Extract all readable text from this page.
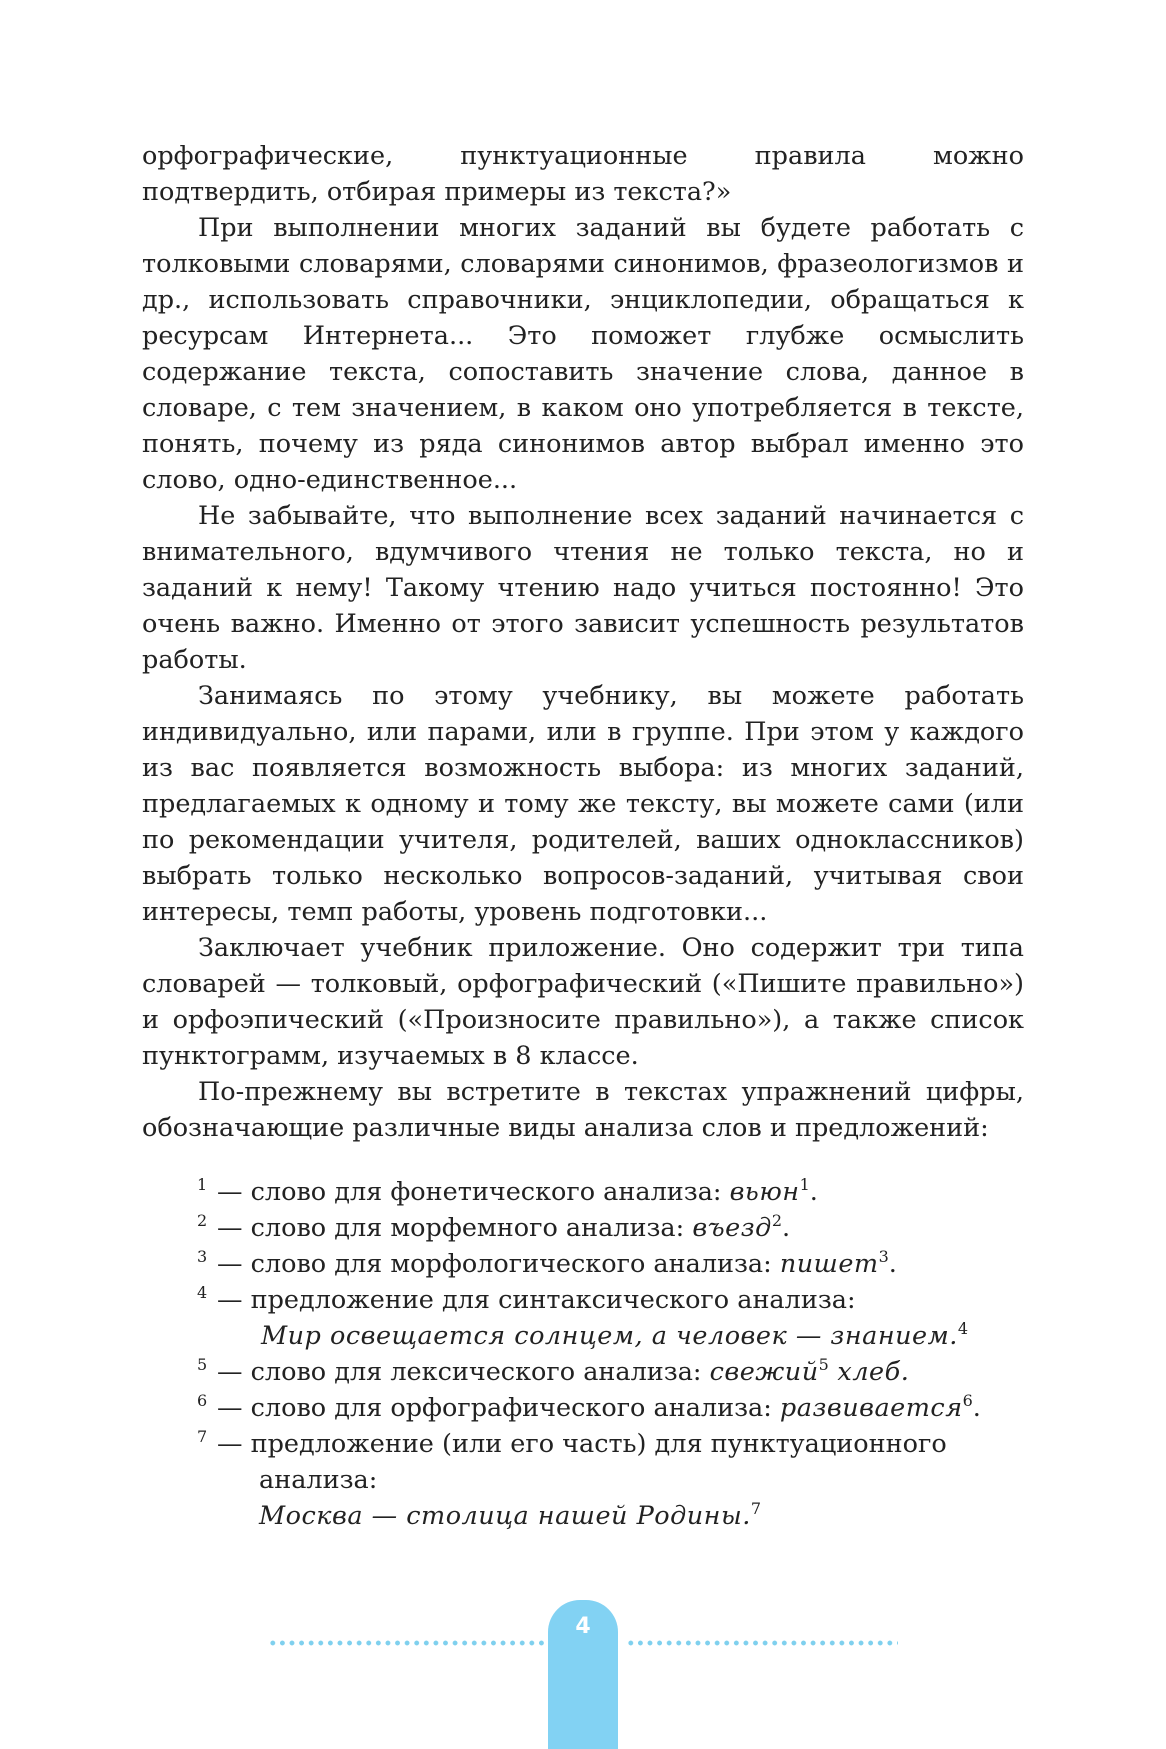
орфографические, пунктуационные правила можно подтвердить, отбирая примеры из текста?»

При выполнении многих заданий вы будете работать с толковыми словарями, словарями синонимов, фразеологизмов и др., использовать справочники, энциклопедии, обращаться к ресурсам Интернета... Это поможет глубже осмыслить содержание текста, сопоставить значение слова, данное в словаре, с тем значением, в каком оно употребляется в тексте, понять, почему из ряда синонимов автор выбрал именно это слово, одно-единственное...

Не забывайте, что выполнение всех заданий начинается с внимательного, вдумчивого чтения не только текста, но и заданий к нему! Такому чтению надо учиться постоянно! Это очень важно. Именно от этого зависит успешность результатов работы.

Занимаясь по этому учебнику, вы можете работать индивидуально, или парами, или в группе. При этом у каждого из вас появляется возможность выбора: из многих заданий, предлагаемых к одному и тому же тексту, вы можете сами (или по рекомендации учителя, родителей, ваших одноклассников) выбрать только несколько вопросов-заданий, учитывая свои интересы, темп работы, уровень подготовки...

Заключает учебник приложение. Оно содержит три типа словарей — толковый, орфографический («Пишите правильно») и орфоэпический («Произносите правильно»), а также список пунктограмм, изучаемых в 8 классе.

По-прежнему вы встретите в текстах упражнений цифры, обозначающие различные виды анализа слов и предложений:

1 — слово для фонетического анализа: вьюн$^1$.
2 — слово для морфемного анализа: въезд$^2$.
3 — слово для морфологического анализа: пишет$^3$.
4 — предложение для синтаксического анализа:
Мир освещается солнцем, а человек — знанием.$^4$
5 — слово для лексического анализа: свежий$^5$ хлеб.
6 — слово для орфографического анализа: развивается$^6$.
7 — предложение (или его часть) для пунктуационного
анализа:
Москва — столица нашей Родины.$^7$
4
